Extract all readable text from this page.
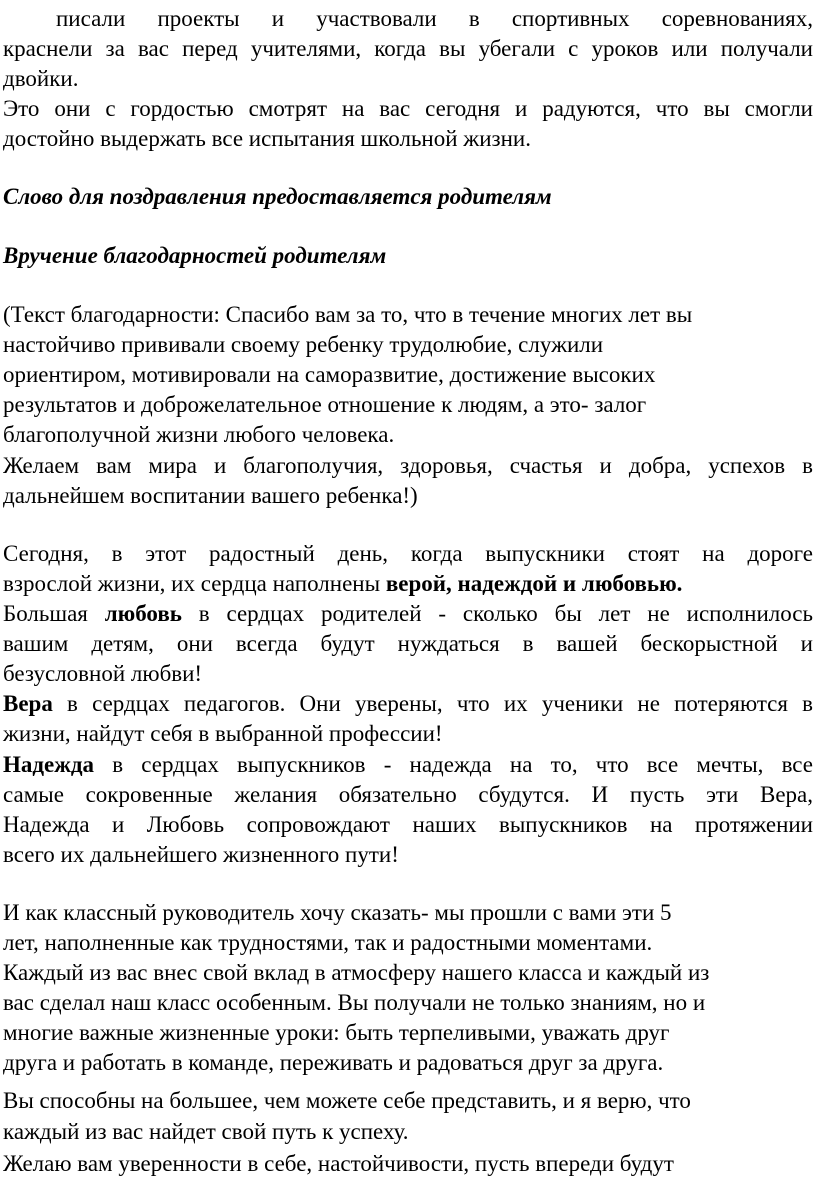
писали проекты и участвовали в спортивных соревнованиях,
краснели за вас перед учителями, когда вы убегали с уроков или получали
двойки.
Это они с гордостью смотрят на вас сегодня и радуются, что вы смогли
достойно выдержать все испытания школьной жизни.
Слово для поздравления предоставляется родителям
Вручение благодарностей родителям
(Текст благодарности: Спасибо вам за то, что в течение многих лет вы
настойчиво прививали своему ребенку трудолюбие, служили
ориентиром, мотивировали на саморазвитие, достижение высоких
результатов и доброжелательное отношение к людям, а это- залог
благополучной жизни любого человека.
Желаем вам мира и благополучия, здоровья, счастья и добра, успехов в
дальнейшем воспитании вашего ребенка!)
Сегодня, в этот радостный день, когда выпускники стоят на дороге
взрослой жизни, их сердца наполнены верой, надеждой и любовью.
Большая любовь в сердцах родителей - сколько бы лет не исполнилось
вашим детям, они всегда будут нуждаться в вашей бескорыстной и
безусловной любви!
Вера в сердцах педагогов. Они уверены, что их ученики не потеряются в
жизни, найдут себя в выбранной профессии!
Надежда в сердцах выпускников - надежда на то, что все мечты, все
самые сокровенные желания обязательно сбудутся. И пусть эти Вера,
Надежда и Любовь сопровождают наших выпускников на протяжении
всего их дальнейшего жизненного пути!
И как классный руководитель хочу сказать- мы прошли с вами эти 5
лет, наполненные как трудностями, так и радостными моментами.
Каждый из вас внес свой вклад в атмосферу нашего класса и каждый из
вас сделал наш класс особенным. Вы получали не только знаниям, но и
многие важные жизненные уроки: быть терпеливыми, уважать друг
друга и работать в команде, переживать и радоваться друг за друга.
Вы способны на большее, чем можете себе представить, и я верю, что
каждый из вас найдет свой путь к успеху.
Желаю вам уверенности в себе, настойчивости, пусть впереди будут
